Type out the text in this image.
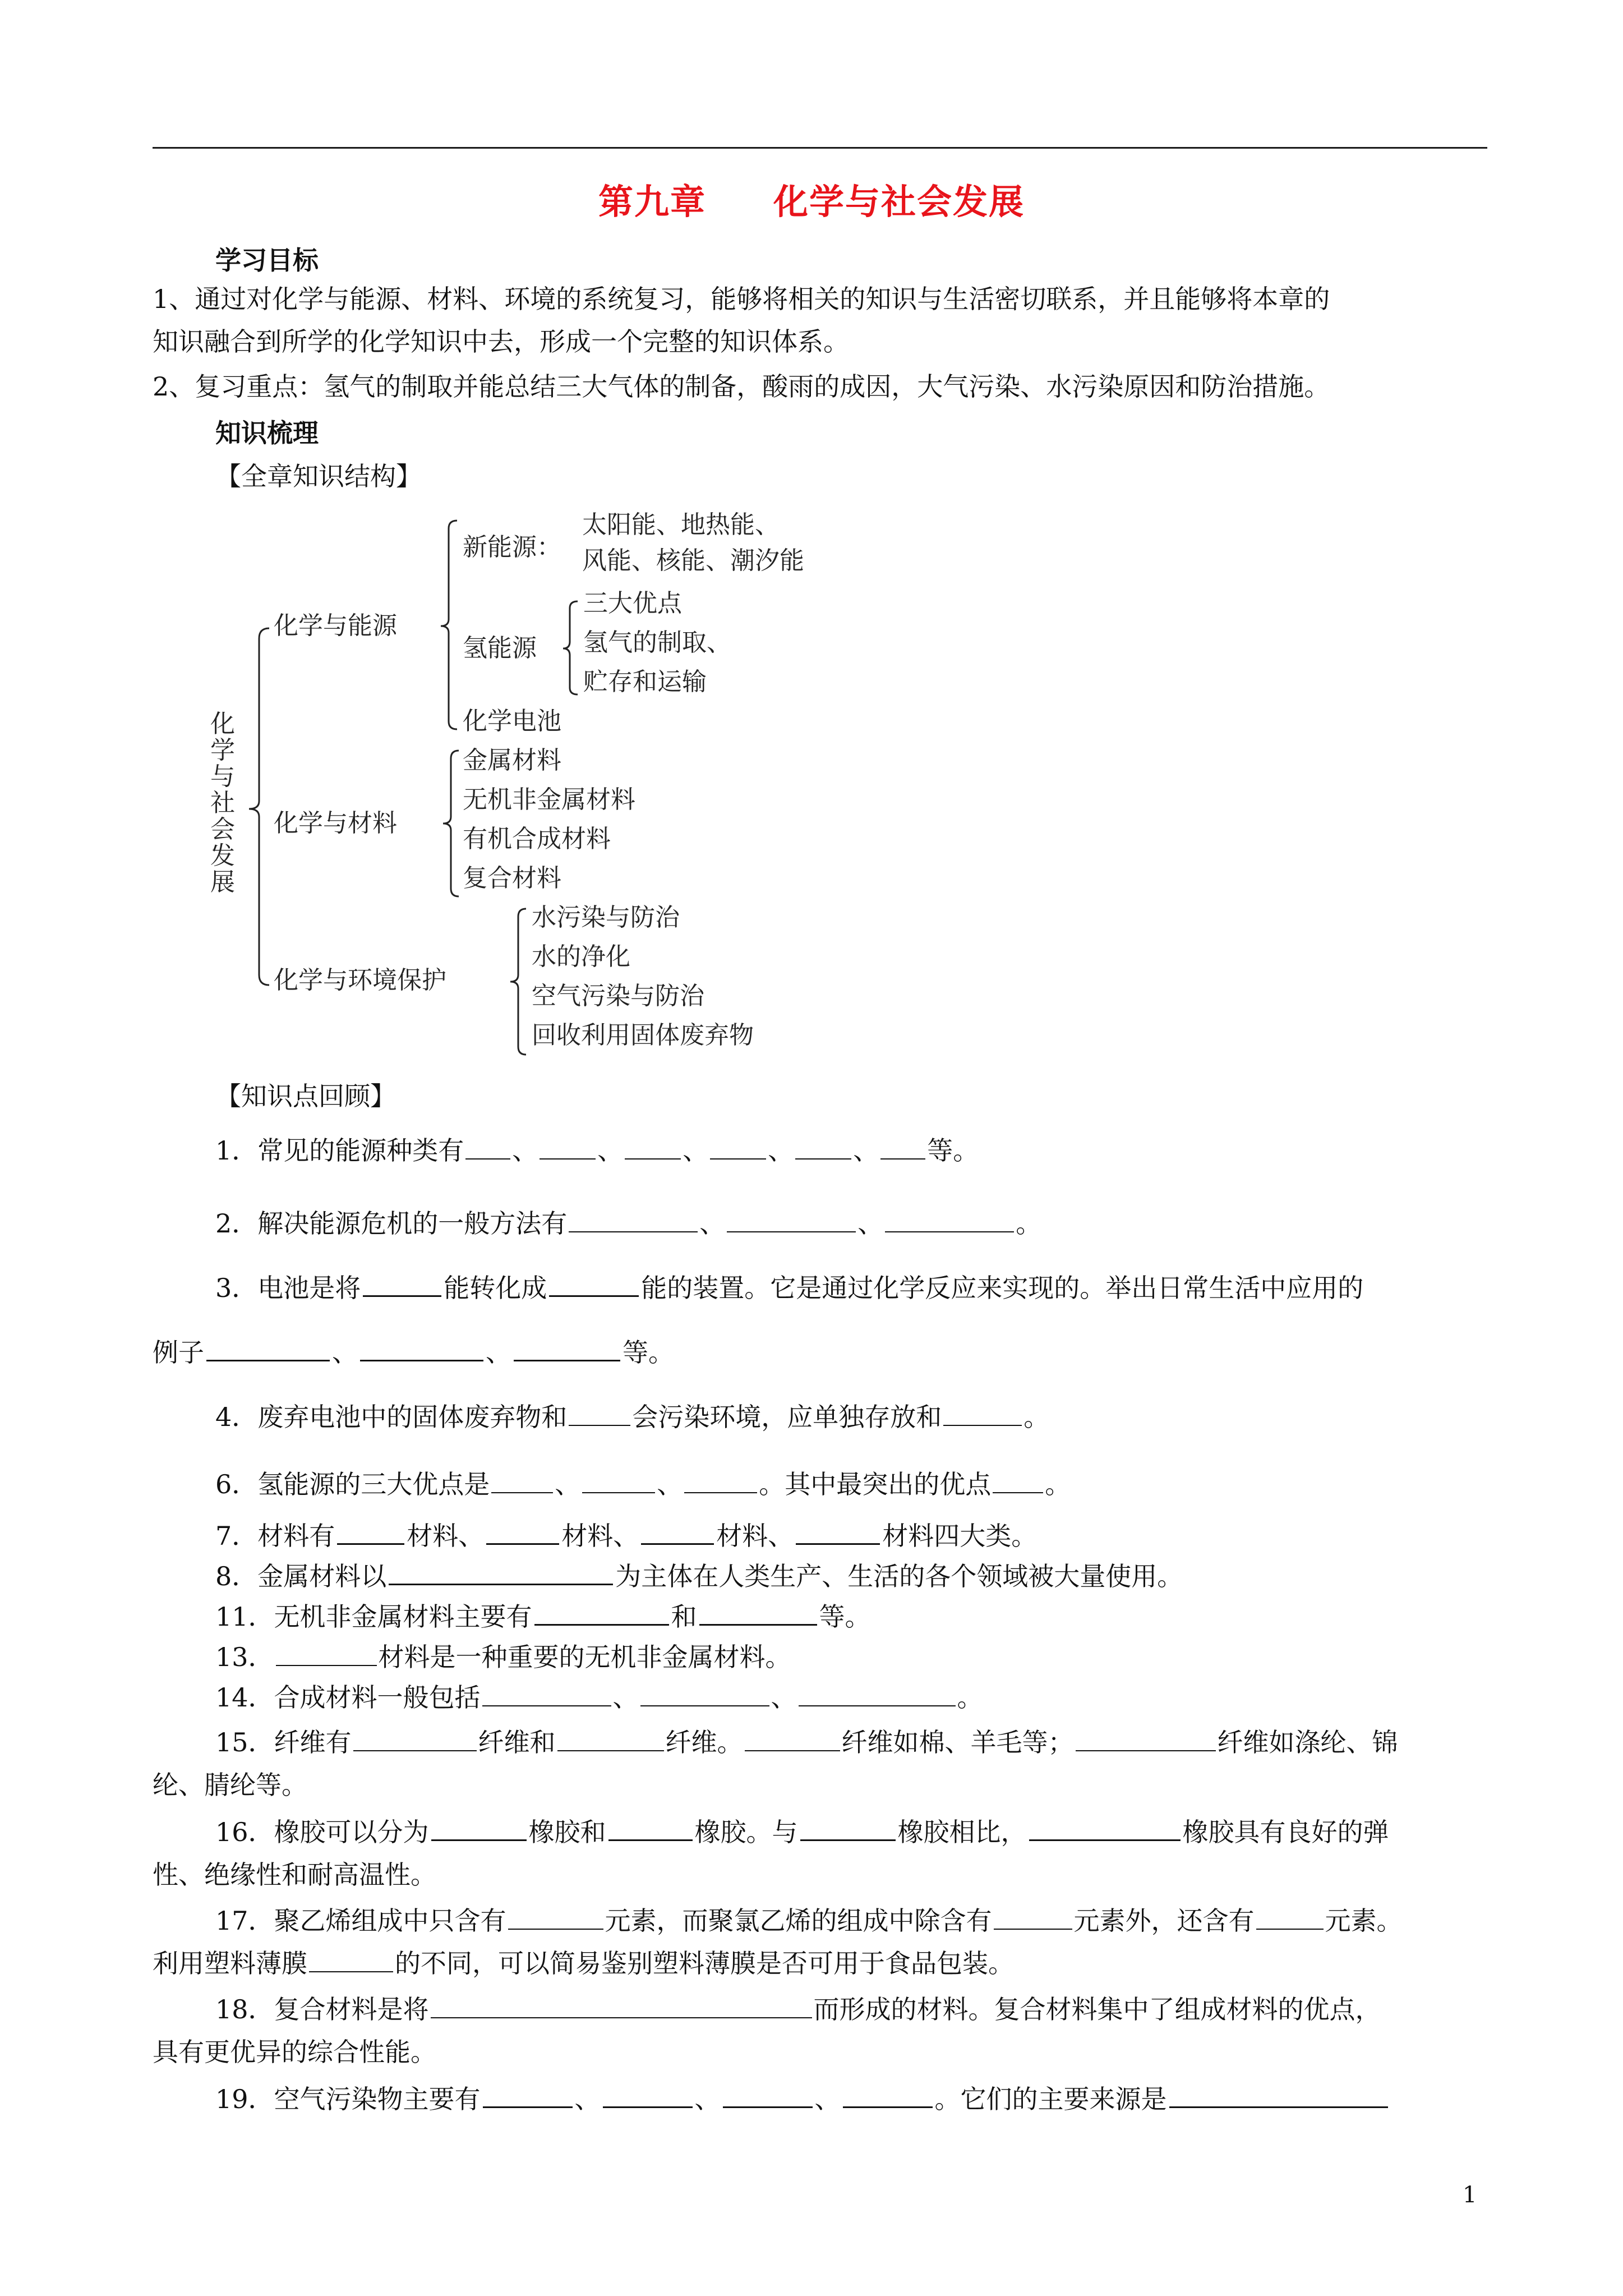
第九章 化学与社会发展
学习目标
1、通过对化学与能源、材料、环境的系统复习，能够将相关的知识与生活密切联系，并且能够将本章的
知识融合到所学的化学知识中去，形成一个完整的知识体系。
2、复习重点：氢气的制取并能总结三大气体的制备，酸雨的成因，大气污染、水污染原因和防治措施。
知识梳理
【全章知识结构】
化
学
与
社
会
发
展
化学与能源
新能源：
太阳能、地热能、
风能、核能、潮汐能
氢能源
三大优点
氢气的制取、
贮存和运输
化学电池
化学与材料
金属材料
无机非金属材料
有机合成材料
复合材料
化学与环境保护
水污染与防治
水的净化
空气污染与防治
回收利用固体废弃物
【知识点回顾】
1．常见的能源种类有 、 、 、 、 、 等。
2．解决能源危机的一般方法有	、	、	。
3．电池是将	能转化成	能的装置。它是通过化学反应来实现的。举出日常生活中应用的
例子	、	、	等。
4．废弃电池中的固体废弃物和	会污染环境，应单独存放和	。
6．氢能源的三大优点是	、	、	。其中最突出的优点 。
7．材料有	材料、	材料、	材料、	材料四大类。
8．金属材料以	为主体在人类生产、生活的各个领域被大量使用。
11．无机非金属材料主要有	和	等。
13．	材料是一种重要的无机非金属材料。
14．合成材料一般包括	、	、	。
15．纤维有	纤维和	纤维。	纤维如棉、羊毛等；	纤维如涤纶、锦
纶、腈纶等。
16．橡胶可以分为	橡胶和	橡胶。与	橡胶相比，	橡胶具有良好的弹
性、绝缘性和耐高温性。
17．聚乙烯组成中只含有	元素，而聚氯乙烯的组成中除含有	元素外，还含有	元素。
利用塑料薄膜	的不同，可以简易鉴别塑料薄膜是否可用于食品包装。
18．复合材料是将	而形成的材料。复合材料集中了组成材料的优点，
具有更优异的综合性能。
19．空气污染物主要有	、	、	、	。它们的主要来源是
1
